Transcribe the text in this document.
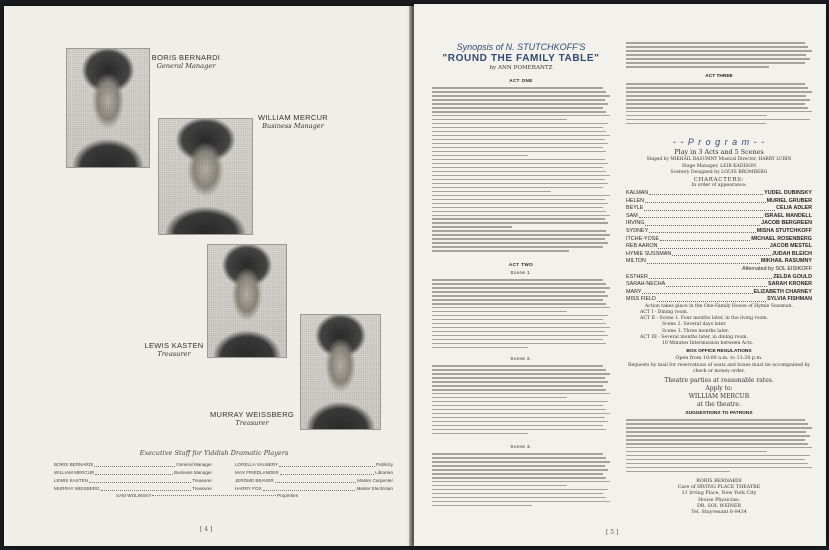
BORIS BERNARDI
General Manager
WILLIAM MERCUR
Business Manager
LEWIS KASTEN
Treasurer
MURRAY WEISSBERG
Treasurer
Executive Staff for Yiddish Dramatic Players
BORIS BERNARDI	General Manager
WILLIAM MERCUR	Business Manager
LEWIS KASTEN	Treasurer
MURRAY WEISBERG	Treasurer
LORELLA VALMERY	Publicity
MAX FRIEDLANDER	Librarian
JEROME BEAVER	Master Carpenter
HARRY FOX	Master Electrician
SAM WOLINSKY	Properties
[ 4 ]
Synopsis of N. STUTCHKOFF'S
"ROUND THE FAMILY TABLE"
by ANN POMERANTZ
ACT ONE
ACT TWO
Scene 1.
Scene 2.
Scene 3.
ACT THREE
- - P r o g r a m - -
Play in 3 Acts and 5 Scenes
Staged by MIKHAIL RASUMNY Musical Director, HARRY LUBIN
Stage Manager, LEIB KADISON
Scenery Designed by LOUIS BROMBERG
CHARACTERS:
In order of appearance:
KALMAN	YUDEL DUBINSKY
HELEN	MURIEL GRUBER
BEYLE	CELIA ADLER
SAM	ISRAEL MANDELL
IRVING	JACOB BERGREEN
SYDNEY	MISHA STUTCHKOFF
ITCHE-YOSE	MICHAEL ROSENBERG
REB AARON	JACOB MESTEL
HYMIE SUSSMAN	JUDAH BLEICH
MILTON	MIKHAIL RASUMNY
Alternated by SOL EISIKOFF
ESTHER	ZELDA GOULD
SARAH-NECHA	SARAH KRONER
MARY	ELIZABETH CHARNEY
MISS FIELD	SYLVIA FISHMAN
Action takes place in the One-Family House of Hymie Sussman.
ACT I - Dining room.
ACT II - Scene 1. Four months later, in the living room.
Scene 2. Several days later.
Scene 3. Three months later.
ACT III - Several months later, in dining room.
10 Minutes Intermission between Acts.
BOX OFFICE REGULATIONS
Open from 10:00 a.m. to 11:30 p.m.
Requests by mail for reservations of seats and boxes must be accompanied by check or money order.
Theatre parties at reasonable rates.
Apply to:
WILLIAM MERCUR
at the theatre.
SUGGESTIONS TO PATRONS
BORIS BERNARDI
Care of IRVING PLACE THEATRE
11 Irving Place, New York City
House Physician:
DR. SOL WEINER
Tel. Stuyvesant 6-9434
[ 5 ]
